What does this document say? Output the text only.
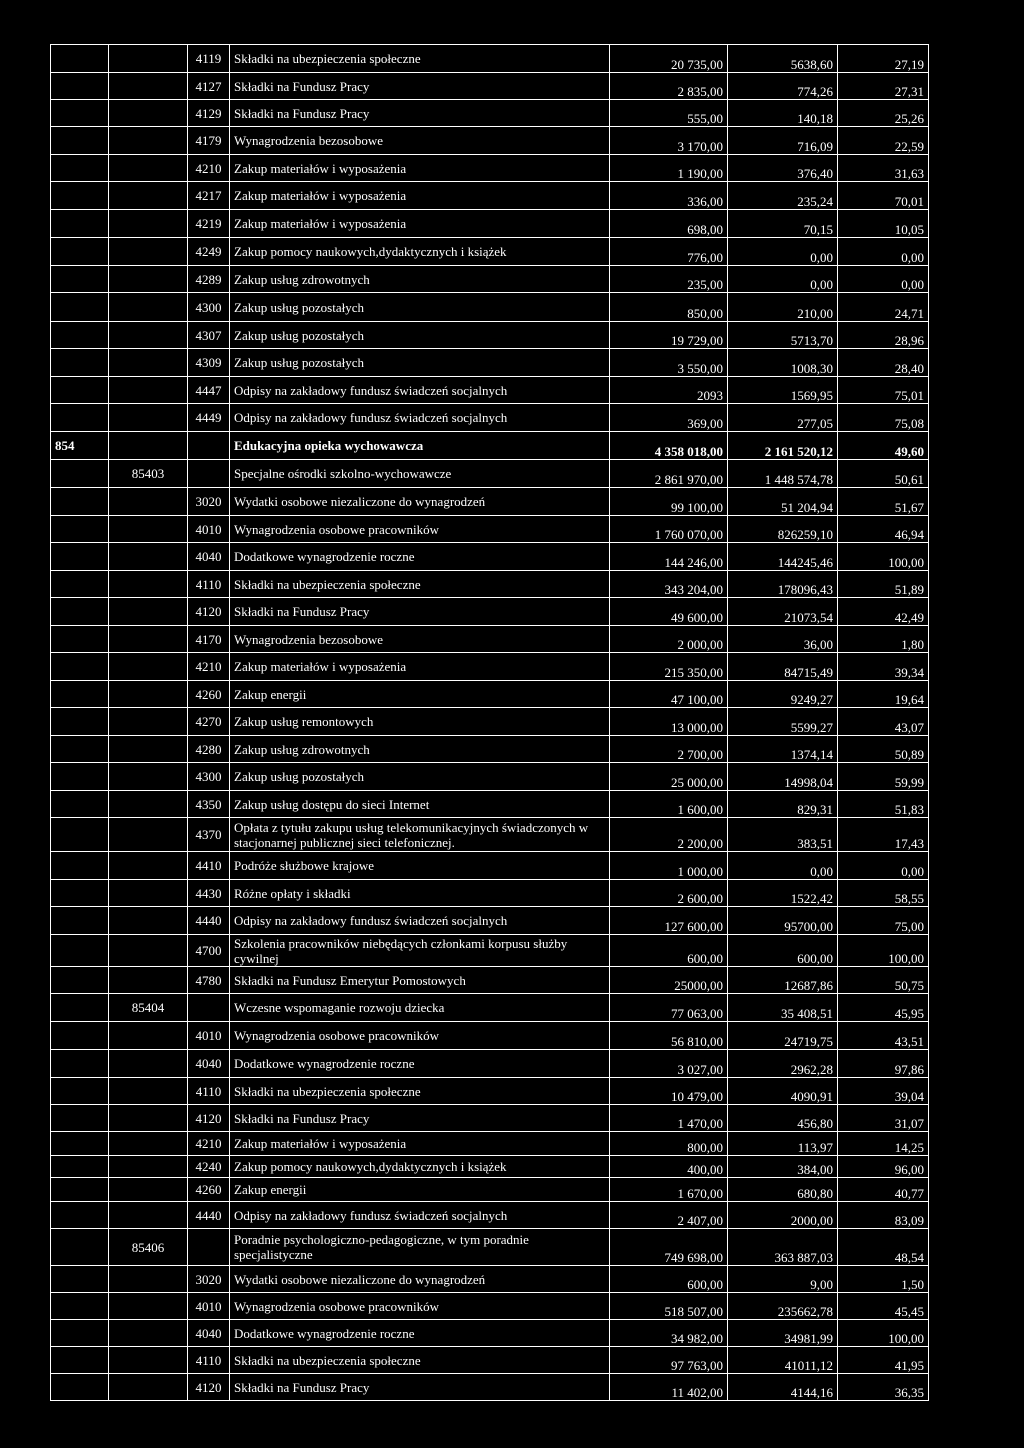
		4119	Składki na ubezpieczenia społeczne	20 735,00	5638,60	27,19
		4127	Składki na Fundusz Pracy	2 835,00	774,26	27,31
		4129	Składki na Fundusz Pracy	555,00	140,18	25,26
		4179	Wynagrodzenia bezosobowe	3 170,00	716,09	22,59
		4210	Zakup materiałów i wyposażenia	1 190,00	376,40	31,63
		4217	Zakup materiałów i wyposażenia	336,00	235,24	70,01
		4219	Zakup materiałów i wyposażenia	698,00	70,15	10,05
		4249	Zakup pomocy naukowych,dydaktycznych i książek	776,00	0,00	0,00
		4289	Zakup usług zdrowotnych	235,00	0,00	0,00
		4300	Zakup usług pozostałych	850,00	210,00	24,71
		4307	Zakup usług pozostałych	19 729,00	5713,70	28,96
		4309	Zakup usług pozostałych	3 550,00	1008,30	28,40
		4447	Odpisy na zakładowy fundusz świadczeń socjalnych	2093	1569,95	75,01
		4449	Odpisy na zakładowy fundusz świadczeń socjalnych	369,00	277,05	75,08
854			Edukacyjna opieka wychowawcza	4 358 018,00	2 161 520,12	49,60
	85403		Specjalne ośrodki szkolno-wychowawcze	2 861 970,00	1 448 574,78	50,61
		3020	Wydatki osobowe niezaliczone do wynagrodzeń	99 100,00	51 204,94	51,67
		4010	Wynagrodzenia osobowe pracowników	1 760 070,00	826259,10	46,94
		4040	Dodatkowe wynagrodzenie roczne	144 246,00	144245,46	100,00
		4110	Składki na ubezpieczenia społeczne	343 204,00	178096,43	51,89
		4120	Składki na Fundusz Pracy	49 600,00	21073,54	42,49
		4170	Wynagrodzenia bezosobowe	2 000,00	36,00	1,80
		4210	Zakup materiałów i wyposażenia	215 350,00	84715,49	39,34
		4260	Zakup energii	47 100,00	9249,27	19,64
		4270	Zakup usług remontowych	13 000,00	5599,27	43,07
		4280	Zakup usług zdrowotnych	2 700,00	1374,14	50,89
		4300	Zakup usług pozostałych	25 000,00	14998,04	59,99
		4350	Zakup usług dostępu do sieci Internet	1 600,00	829,31	51,83
		4370	Opłata z tytułu zakupu usług telekomunikacyjnych świadczonych w stacjonarnej publicznej sieci telefonicznej.	2 200,00	383,51	17,43
		4410	Podróże służbowe krajowe	1 000,00	0,00	0,00
		4430	Różne opłaty i składki	2 600,00	1522,42	58,55
		4440	Odpisy na zakładowy fundusz świadczeń socjalnych	127 600,00	95700,00	75,00
		4700	Szkolenia pracowników niebędących członkami korpusu służby cywilnej	600,00	600,00	100,00
		4780	Składki na Fundusz Emerytur Pomostowych	25000,00	12687,86	50,75
	85404		Wczesne wspomaganie rozwoju dziecka	77 063,00	35 408,51	45,95
		4010	Wynagrodzenia osobowe pracowników	56 810,00	24719,75	43,51
		4040	Dodatkowe wynagrodzenie roczne	3 027,00	2962,28	97,86
		4110	Składki na ubezpieczenia społeczne	10 479,00	4090,91	39,04
		4120	Składki na Fundusz Pracy	1 470,00	456,80	31,07
		4210	Zakup materiałów i wyposażenia	800,00	113,97	14,25
		4240	Zakup pomocy naukowych,dydaktycznych i książek	400,00	384,00	96,00
		4260	Zakup energii	1 670,00	680,80	40,77
		4440	Odpisy na zakładowy fundusz świadczeń socjalnych	2 407,00	2000,00	83,09
	85406		Poradnie psychologiczno-pedagogiczne, w tym poradnie specjalistyczne	749 698,00	363 887,03	48,54
		3020	Wydatki osobowe niezaliczone do wynagrodzeń	600,00	9,00	1,50
		4010	Wynagrodzenia osobowe pracowników	518 507,00	235662,78	45,45
		4040	Dodatkowe wynagrodzenie roczne	34 982,00	34981,99	100,00
		4110	Składki na ubezpieczenia społeczne	97 763,00	41011,12	41,95
		4120	Składki na Fundusz Pracy	11 402,00	4144,16	36,35
